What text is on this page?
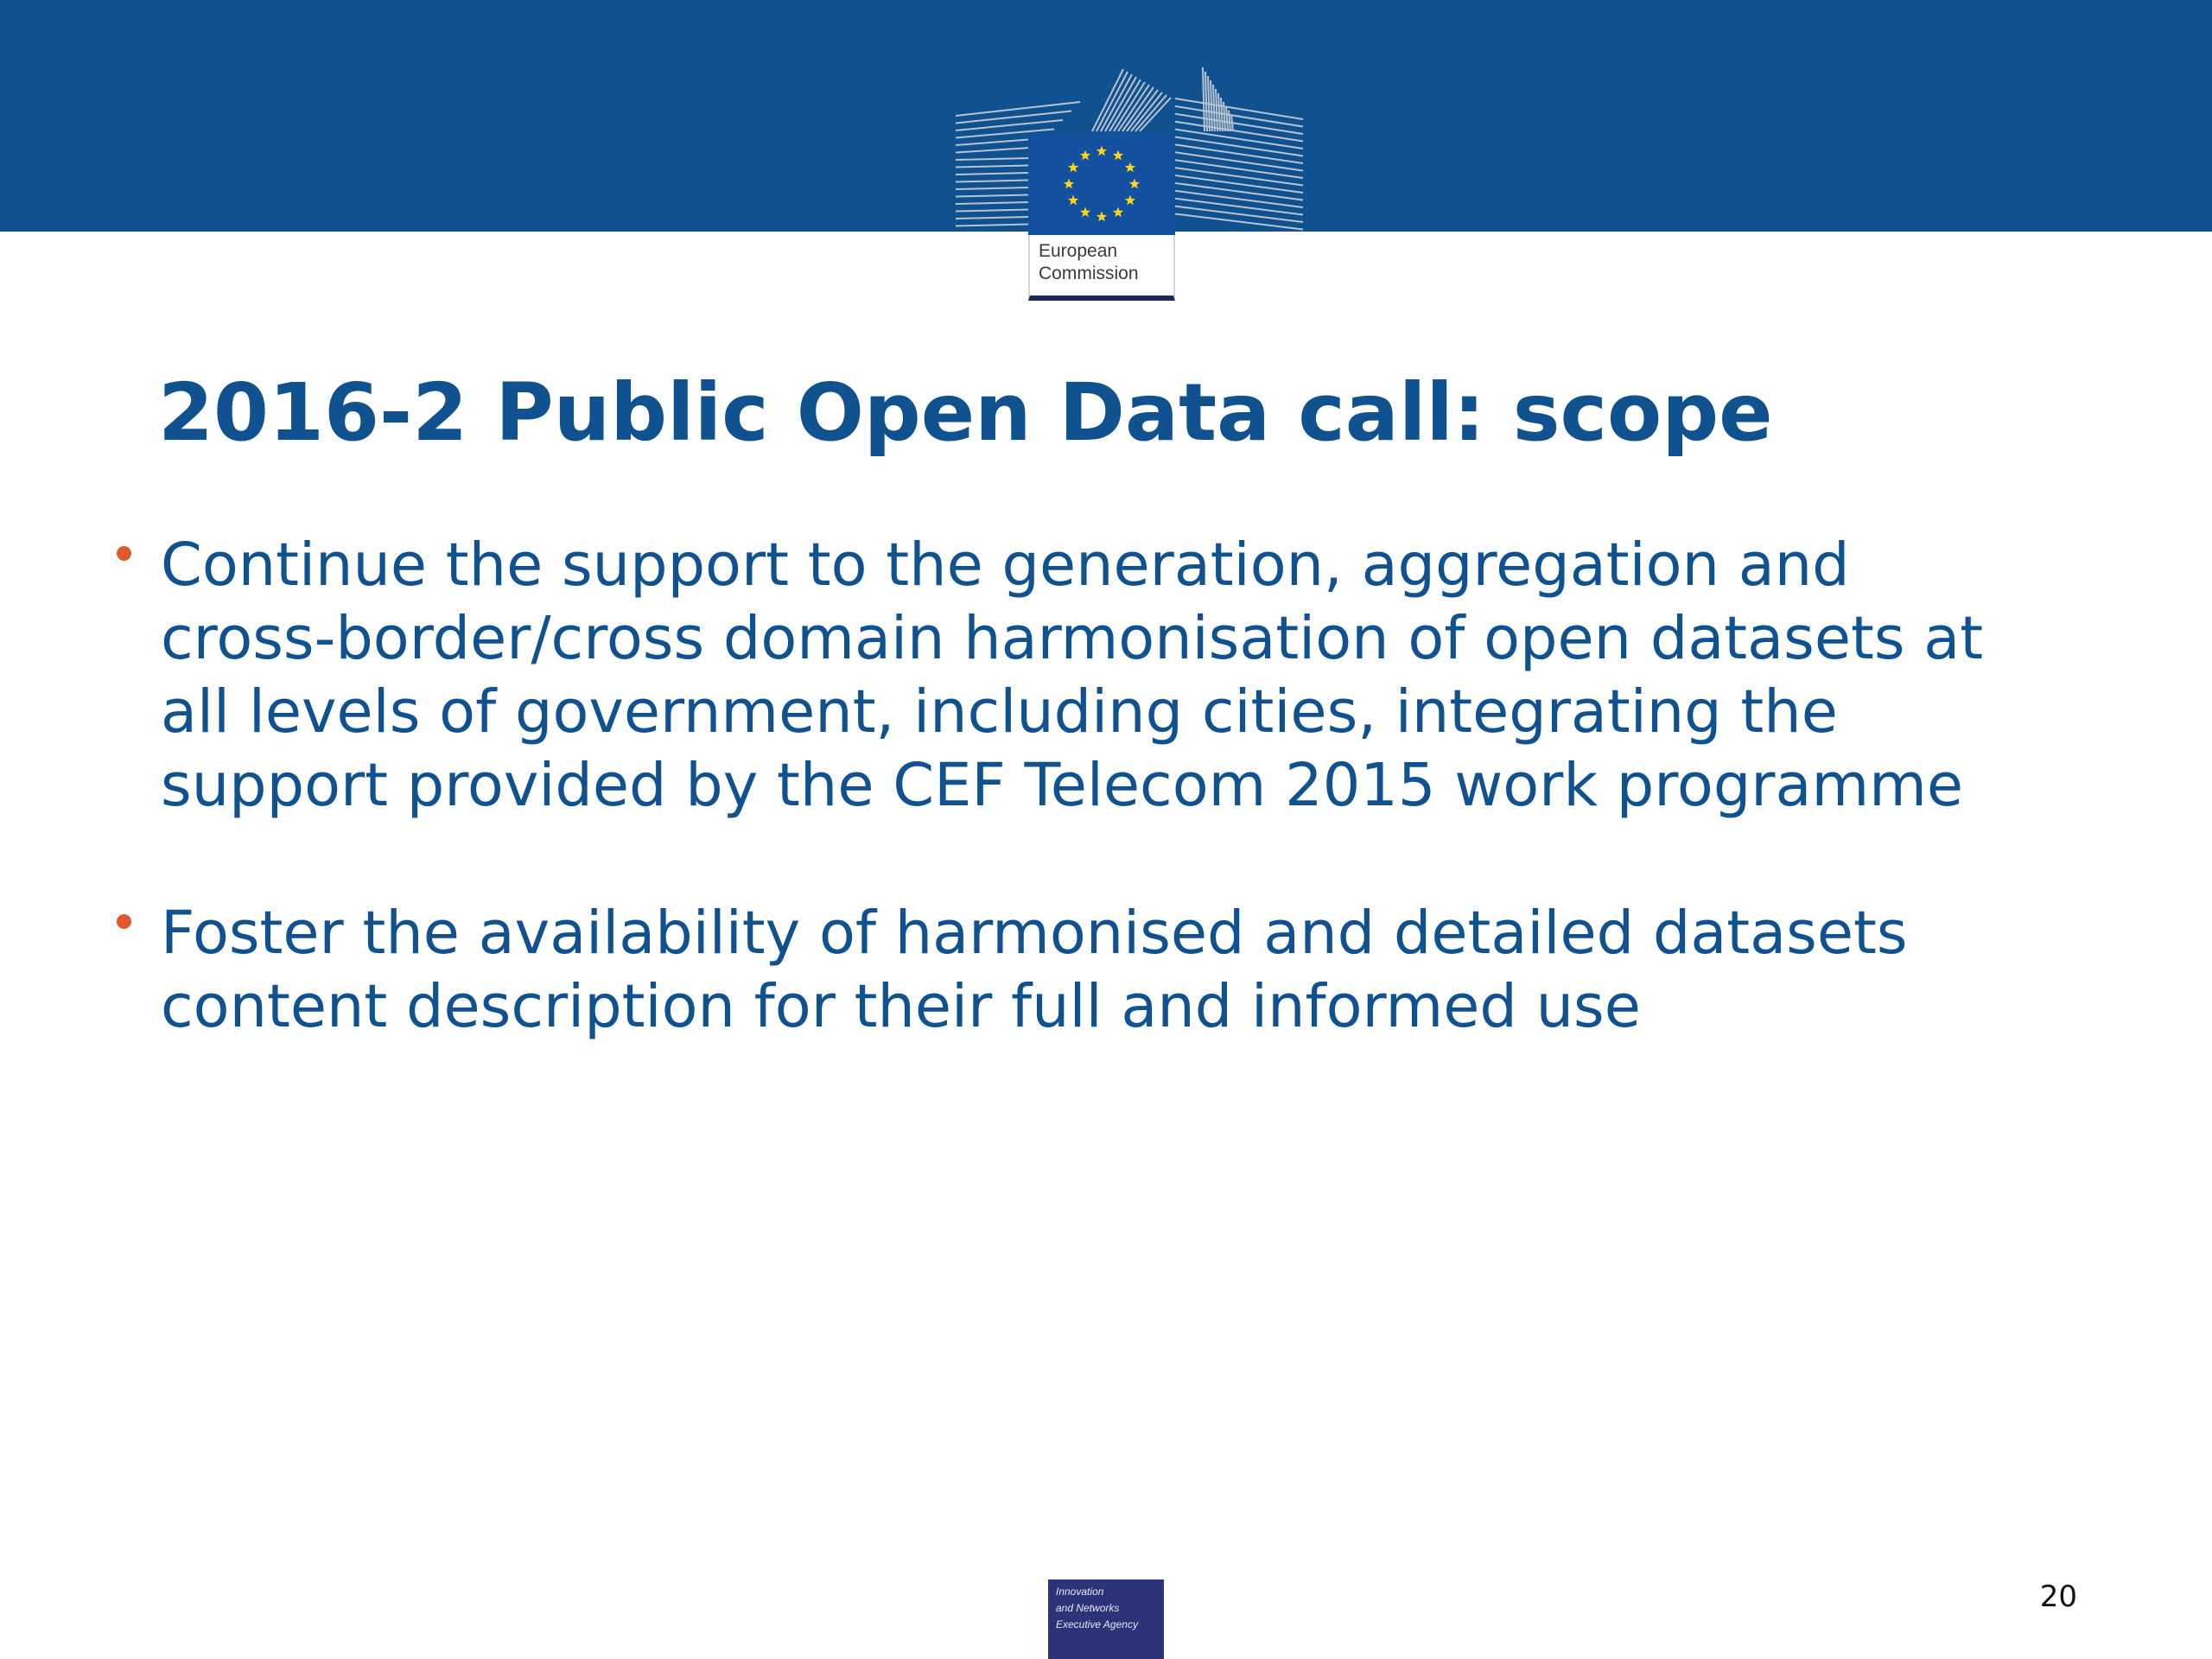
European
Commission
2016-2 Public Open Data call: scope
Continue the support to the generation, aggregation and
cross-border/cross domain harmonisation of open datasets at
all levels of government, including cities, integrating the
support provided by the CEF Telecom 2015 work programme
Foster the availability of harmonised and detailed datasets
content description for their full and informed use
Innovation
and Networks
Executive Agency
20
